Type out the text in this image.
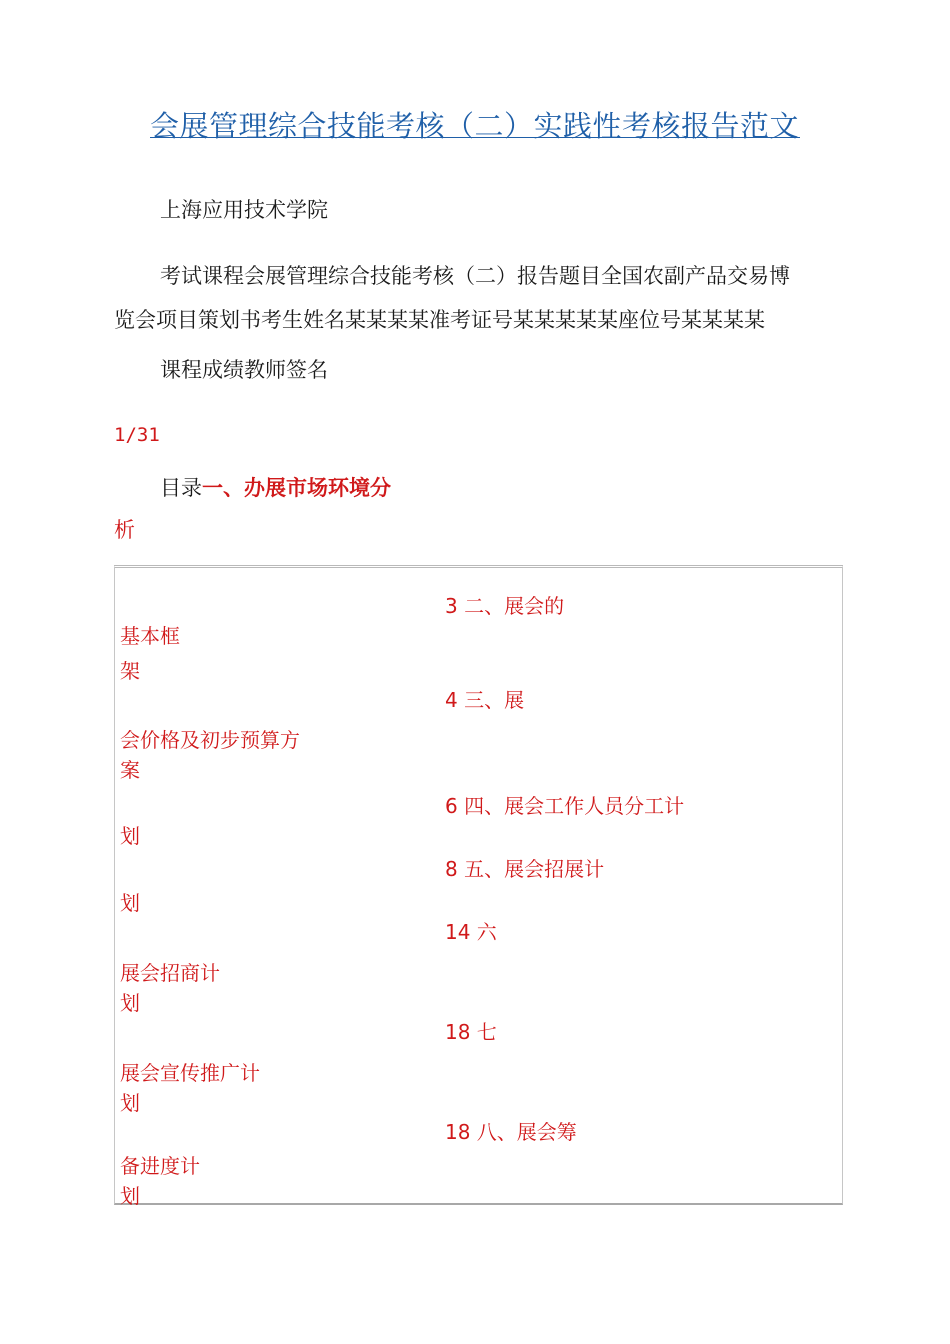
会展管理综合技能考核（二）实践性考核报告范文
上海应用技术学院
考试课程会展管理综合技能考核（二）报告题目全国农副产品交易博
览会项目策划书考生姓名某某某某准考证号某某某某某座位号某某某某
课程成绩教师签名
1/31
目录一、办展市场环境分
析
3 二、展会的
基本框
架
4 三、展
会价格及初步预算方
案
6 四、展会工作人员分工计
划
8 五、展会招展计
划
14 六
展会招商计
划
18 七
展会宣传推广计
划
18 八、展会筹
备进度计
划
